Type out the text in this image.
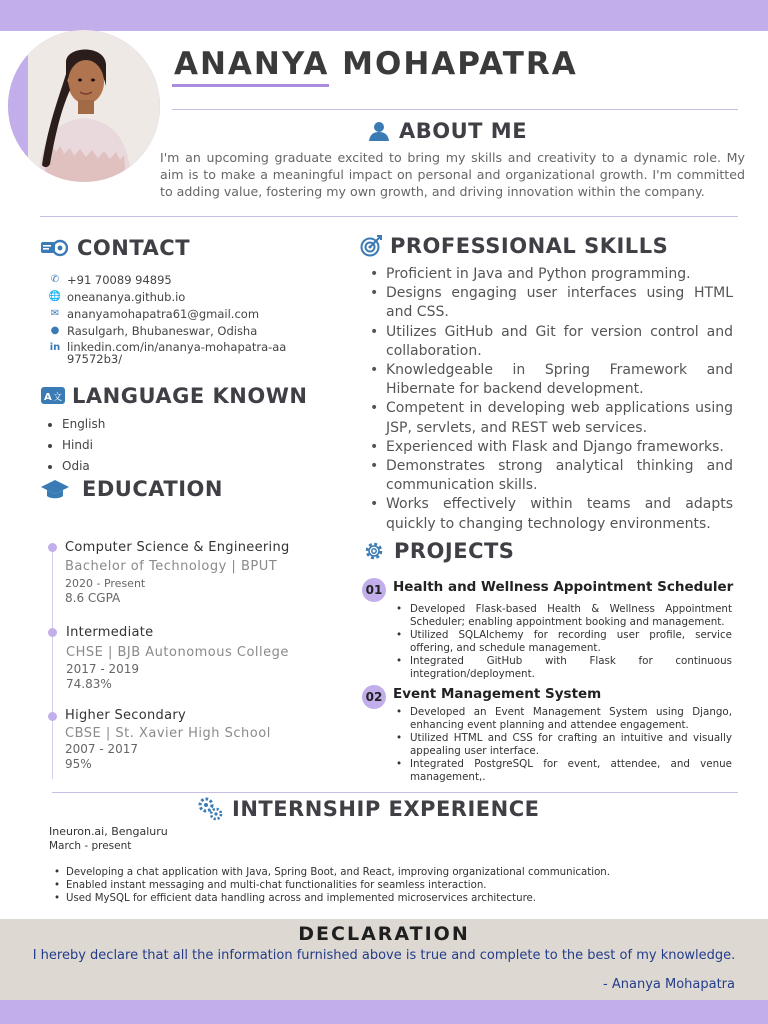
ANANYA MOHAPATRA
ABOUT ME
I'm an upcoming graduate excited to bring my skills and creativity to a dynamic role. My aim is to make a meaningful impact on personal and organizational growth. I'm committed to adding value, fostering my own growth, and driving innovation within the company.
CONTACT
✆ +91 70089 94895
🌐 oneananya.github.io
✉ ananyamohapatra61@gmail.com
● Rasulgarh, Bhubaneswar, Odisha
in linkedin.com/in/ananya-mohapatra-aa97572b3/
A 文 LANGUAGE KNOWN
• English
• Hindi
• Odia
EDUCATION
Computer Science & Engineering
Bachelor of Technology | BPUT
2020 - Present
8.6 CGPA
Intermediate
CHSE | BJB Autonomous College
2017 - 2019
74.83%
Higher Secondary
CBSE | St. Xavier High School
2007 - 2017
95%
PROFESSIONAL SKILLS
• Proficient in Java and Python programming.
• Designs engaging user interfaces using HTML and CSS.
• Utilizes GitHub and Git for version control and collaboration.
• Knowledgeable in Spring Framework and Hibernate for backend development.
• Competent in developing web applications using JSP, servlets, and REST web services.
• Experienced with Flask and Django frameworks.
• Demonstrates strong analytical thinking and communication skills.
• Works effectively within teams and adapts quickly to changing technology environments.
PROJECTS
01 Health and Wellness Appointment Scheduler
• Developed Flask-based Health & Wellness Appointment Scheduler; enabling appointment booking and management.
• Utilized SQLAlchemy for recording user profile, service offering, and schedule management.
• Integrated GitHub with Flask for continuous integration/deployment.
02 Event Management System
• Developed an Event Management System using Django, enhancing event planning and attendee engagement.
• Utilized HTML and CSS for crafting an intuitive and visually appealing user interface.
• Integrated PostgreSQL for event, attendee, and venue management,.
INTERNSHIP EXPERIENCE
Ineuron.ai, Bengaluru
March - present
• Developing a chat application with Java, Spring Boot, and React, improving organizational communication.
• Enabled instant messaging and multi-chat functionalities for seamless interaction.
• Used MySQL for efficient data handling across and implemented microservices architecture.
DECLARATION
I hereby declare that all the information furnished above is true and complete to the best of my knowledge.
- Ananya Mohapatra
